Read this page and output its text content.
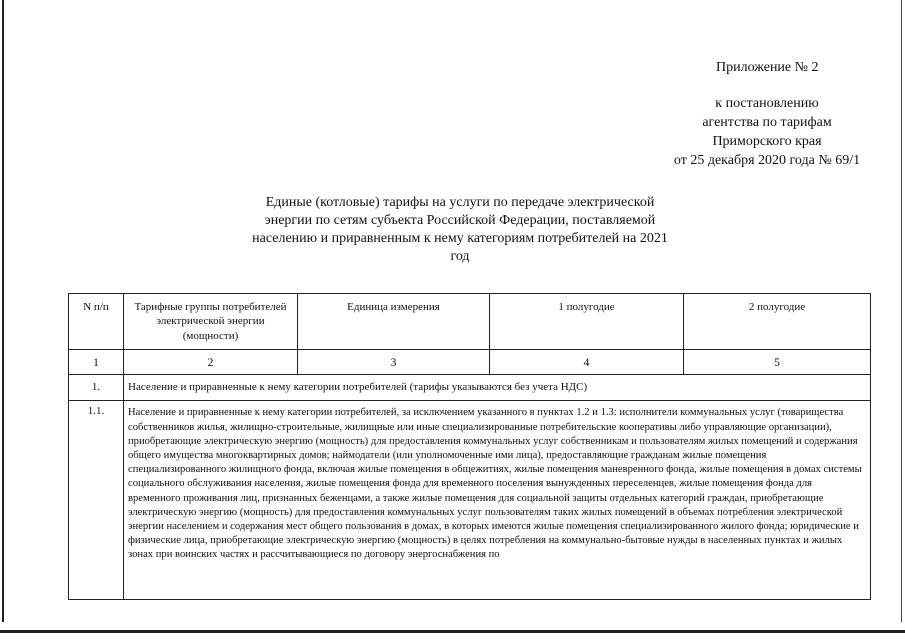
Приложение № 2
к постановлению
агентства по тарифам
Приморского края
от 25 декабря 2020 года № 69/1
Единые (котловые) тарифы на услуги по передаче электрической энергии по сетям субъекта Российской Федерации, поставляемой населению и приравненным к нему категориям потребителей на 2021 год
N п/п	Тарифные группы потребителей электрической энергии (мощности)	Единица измерения	1 полугодие	2 полугодие
1	2	3	4	5
1.	Население и приравненные к нему категории потребителей (тарифы указываются без учета НДС)			
1.1.	Население и приравненные к нему категории потребителей, за исключением указанного в пунктах 1.2 и 1.3: исполнители коммунальных услуг (товарищества собственников жилья, жилищно-строительные, жилищные или иные специализированные потребительские кооперативы либо управляющие организации), приобретающие электрическую энергию (мощность) для предоставления коммунальных услуг собственникам и пользователям жилых помещений и содержания общего имущества многоквартирных домов; наймодатели (или уполномоченные ими лица), предоставляющие гражданам жилые помещения специализированного жилищного фонда, включая жилые помещения в общежитиях, жилые помещения маневренного фонда, жилые помещения в домах системы социального обслуживания населения, жилые помещения фонда для временного поселения вынужденных переселенцев, жилые помещения фонда для временного проживания лиц, признанных беженцами, а также жилые помещения для социальной защиты отдельных категорий граждан, приобретающие электрическую энергию (мощность) для предоставления коммунальных услуг пользователям таких жилых помещений в объемах потребления электрической энергии населением и содержания мест общего пользования в домах, в которых имеются жилые помещения специализированного жилого фонда; юридические и физические лица, приобретающие электрическую энергию (мощность) в целях потребления на коммунально-бытовые нужды в населенных пунктах и жилых зонах при воинских частях и рассчитывающиеся по договору энергоснабжения по			
